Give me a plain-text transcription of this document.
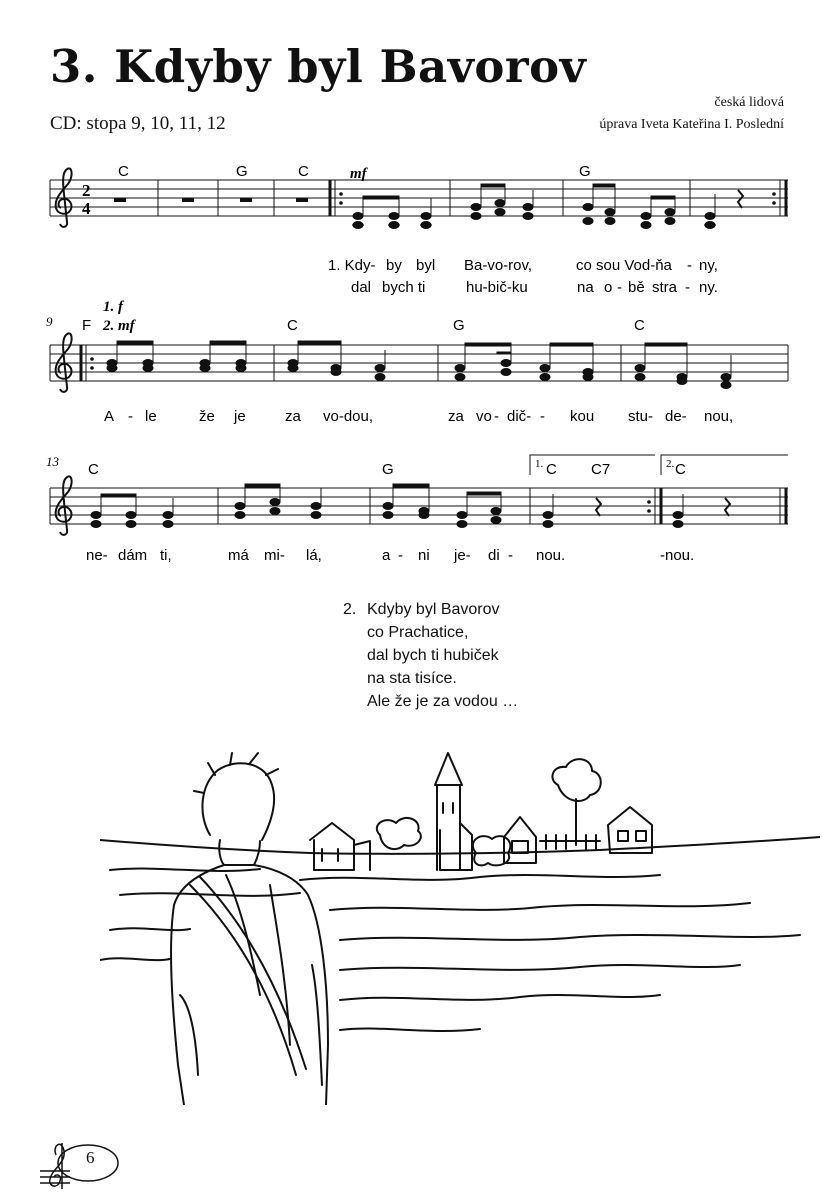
3. Kdyby byl Bavorov
CD: stopa 9, 10, 11, 12
česká lidová
úprava Iveta Kateřina I. Poslední
2
4
C	G	C	G
mf
1. Kdy- by byl Ba-vo-rov,	co sou Vod-ňa - ny,
dal bych ti	hu-bič-ku	na o - bě stra - ny.
9
1. f
2. mf
F	C	G	C
A - le	že je	za vo-dou,	za vo - dič- - kou stu- de- nou,
13 C	G	C C7	C
1.	2.
ne- dám ti,	má mi- lá,	a - ni je- di - nou.	-nou.
2. Kdyby byl Bavorov
co Prachatice,
dal bych ti hubiček
na sta tisíce.
Ale že je za vodou …
6
